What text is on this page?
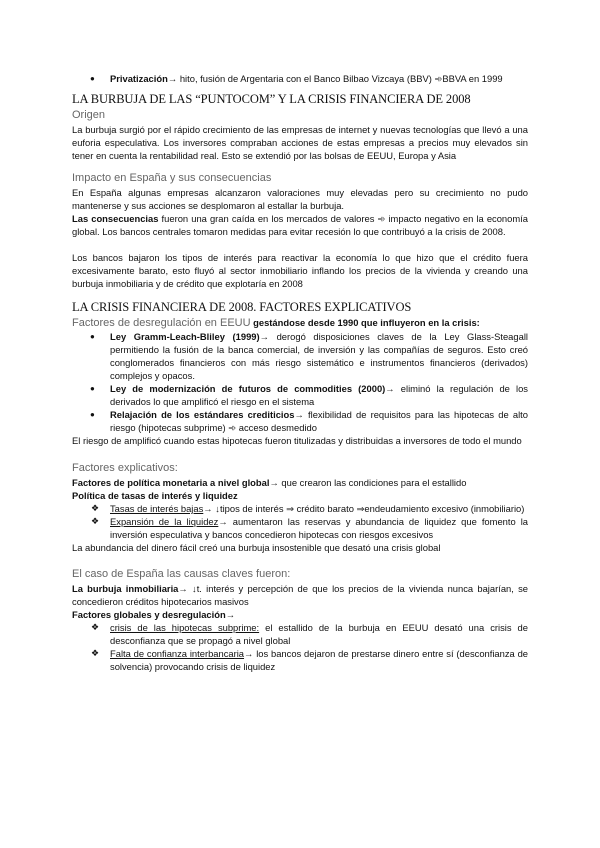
● Privatización→ hito, fusión de Argentaria con el Banco Bilbao Vizcaya (BBV) ➾BBVA en 1999
LA BURBUJA DE LAS “PUNTOCOM” Y LA CRISIS FINANCIERA DE 2008
Origen

La burbuja surgió por el rápido crecimiento de las empresas de internet y nuevas tecnologías que llevó a una euforia especulativa. Los inversores compraban acciones de estas empresas a precios muy elevados sin tener en cuenta la rentabilidad real. Esto se extendió por las bolsas de EEUU, Europa y Asia

Impacto en España y sus consecuencias

En España algunas empresas alcanzaron valoraciones muy elevadas pero su crecimiento no pudo mantenerse y sus acciones se desplomaron al estallar la burbuja.

Las consecuencias fueron una gran caída en los mercados de valores ➾ impacto negativo en la economía global. Los bancos centrales tomaron medidas para evitar recesión lo que contribuyó a la crisis de 2008.

Los bancos bajaron los tipos de interés para reactivar la economía lo que hizo que el crédito fuera excesivamente barato, esto fluyó al sector inmobiliario inflando los precios de la vivienda y creando una burbuja inmobiliaria y de crédito que explotaría en 2008

LA CRISIS FINANCIERA DE 2008. FACTORES EXPLICATIVOS
Factores de desregulación en EEUU gestándose desde 1990 que influyeron en la crisis:
● Ley Gramm-Leach-Bliley (1999)→ derogó disposiciones claves de la Ley Glass-Steagall permitiendo la fusión de la banca comercial, de inversión y las compañías de seguros. Esto creó conglomerados financieros con más riesgo sistemático e instrumentos financieros (derivados) complejos y opacos.
● Ley de modernización de futuros de commodities (2000)→ eliminó la regulación de los derivados lo que amplificó el riesgo en el sistema
● Relajación de los estándares crediticios→ flexibilidad de requisitos para las hipotecas de alto riesgo (hipotecas subprime) ➾ acceso desmedido

El riesgo de amplificó cuando estas hipotecas fueron titulizadas y distribuidas a inversores de todo el mundo

Factores explicativos:

Factores de política monetaria a nivel global→ que crearon las condiciones para el estallido

Política de tasas de interés y liquidez

❖ Tasas de interés bajas→ ↓tipos de interés ⇒ crédito barato ⇒endeudamiento excesivo (inmobiliario)
❖ Expansión de la liquidez→ aumentaron las reservas y abundancia de liquidez que fomento la inversión especulativa y bancos concedieron hipotecas con riesgos excesivos

La abundancia del dinero fácil creó una burbuja insostenible que desató una crisis global

El caso de España las causas claves fueron:

La burbuja inmobiliaria→ ↓t. interés y percepción de que los precios de la vivienda nunca bajarían, se concedieron créditos hipotecarios masivos

Factores globales y desregulación→

❖ crisis de las hipotecas subprime: el estallido de la burbuja en EEUU desató una crisis de desconfianza que se propagó a nivel global
❖ Falta de confianza interbancaria→ los bancos dejaron de prestarse dinero entre sí (desconfianza de solvencia) provocando crisis de liquidez
